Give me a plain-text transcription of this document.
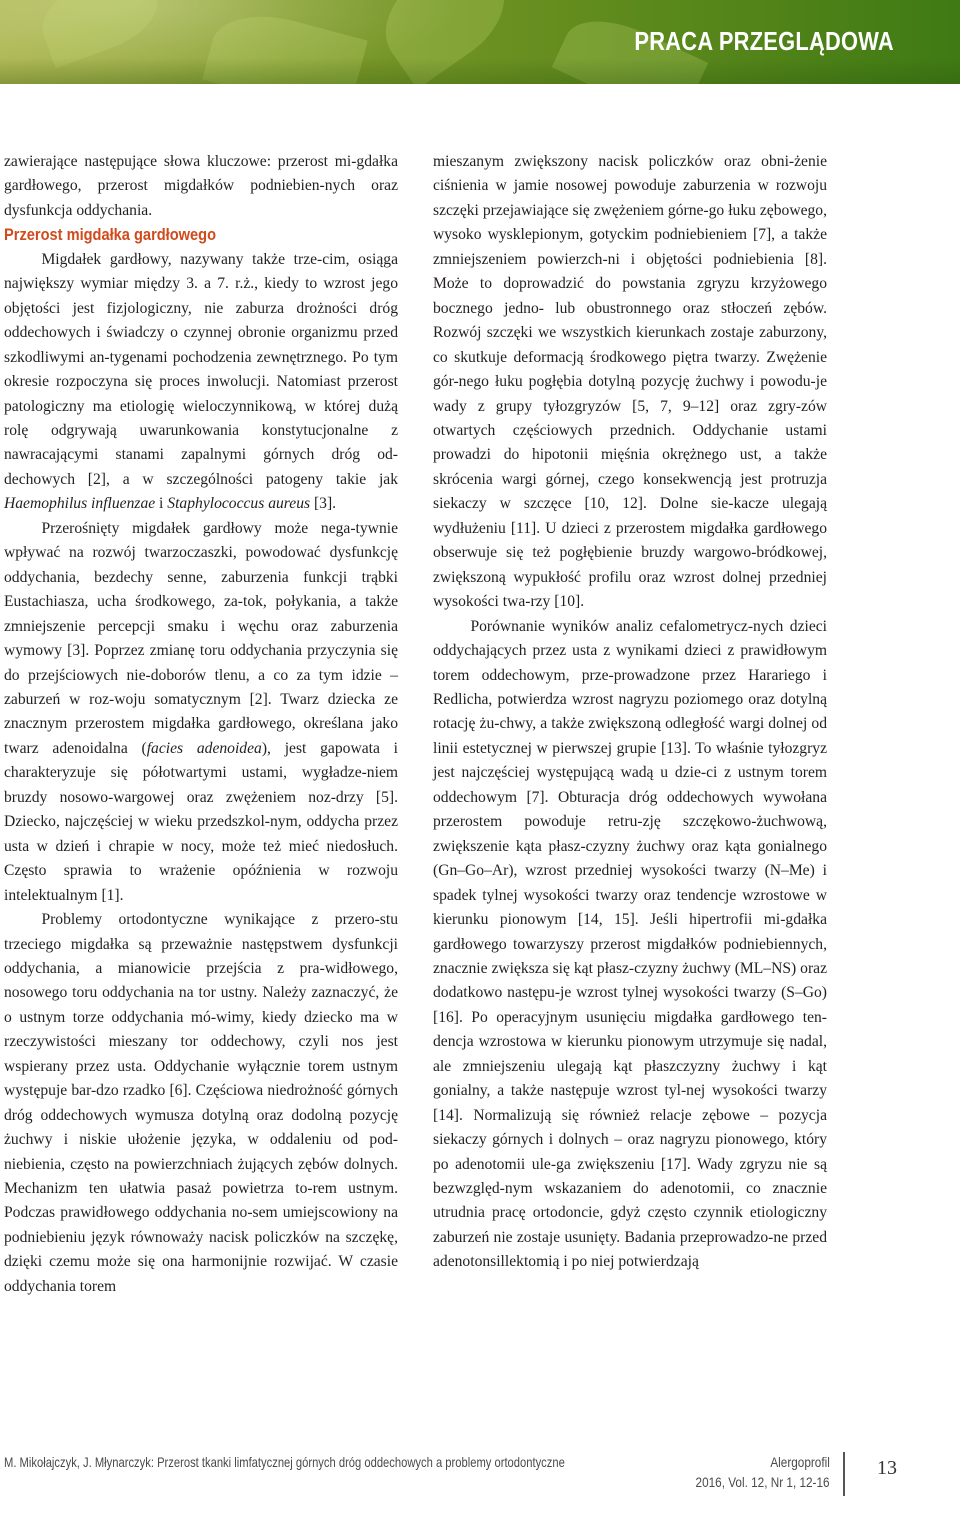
PRACA PRZEGLĄDOWA

zawierające następujące słowa kluczowe: przerost mi-gdałka gardłowego, przerost migdałków podniebien-nych oraz dysfunkcja oddychania.

Przerost migdałka gardłowego

Migdałek gardłowy, nazywany także trze-cim, osiąga największy wymiar między 3. a 7. r.ż., kiedy to wzrost jego objętości jest fizjologiczny, nie zaburza drożności dróg oddechowych i świadczy o czynnej obronie organizmu przed szkodliwymi an-tygenami pochodzenia zewnętrznego. Po tym okresie rozpoczyna się proces inwolucji. Natomiast przerost patologiczny ma etiologię wieloczynnikową, w której dużą rolę odgrywają uwarunkowania konstytucjonalne z nawracającymi stanami zapalnymi górnych dróg od-dechowych [2], a w szczególności patogeny takie jak Haemophilus influenzae i Staphylococcus aureus [3].

Przerośnięty migdałek gardłowy może nega-tywnie wpływać na rozwój twarzoczaszki, powodować dysfunkcję oddychania, bezdechy senne, zaburzenia funkcji trąbki Eustachiasza, ucha środkowego, za-tok, połykania, a także zmniejszenie percepcji smaku i węchu oraz zaburzenia wymowy [3]. Poprzez zmianę toru oddychania przyczynia się do przejściowych nie-doborów tlenu, a co za tym idzie – zaburzeń w roz-woju somatycznym [2]. Twarz dziecka ze znacznym przerostem migdałka gardłowego, określana jako twarz adenoidalna (facies adenoidea), jest gapowata i charakteryzuje się półotwartymi ustami, wygładze-niem bruzdy nosowo-wargowej oraz zwężeniem noz-drzy [5]. Dziecko, najczęściej w wieku przedszkol-nym, oddycha przez usta w dzień i chrapie w nocy, może też mieć niedosłuch. Często sprawia to wrażenie opóźnienia w rozwoju intelektualnym [1].

Problemy ortodontyczne wynikające z przero-stu trzeciego migdałka są przeważnie następstwem dysfunkcji oddychania, a mianowicie przejścia z pra-widłowego, nosowego toru oddychania na tor ustny. Należy zaznaczyć, że o ustnym torze oddychania mó-wimy, kiedy dziecko ma w rzeczywistości mieszany tor oddechowy, czyli nos jest wspierany przez usta. Oddychanie wyłącznie torem ustnym występuje bar-dzo rzadko [6]. Częściowa niedrożność górnych dróg oddechowych wymusza dotylną oraz dodolną pozycję żuchwy i niskie ułożenie języka, w oddaleniu od pod-niebienia, często na powierzchniach żujących zębów dolnych. Mechanizm ten ułatwia pasaż powietrza to-rem ustnym. Podczas prawidłowego oddychania no-sem umiejscowiony na podniebieniu język równoważy nacisk policzków na szczękę, dzięki czemu może się ona harmonijnie rozwijać. W czasie oddychania torem

mieszanym zwiększony nacisk policzków oraz obni-żenie ciśnienia w jamie nosowej powoduje zaburzenia w rozwoju szczęki przejawiające się zwężeniem górne-go łuku zębowego, wysoko wysklepionym, gotyckim podniebieniem [7], a także zmniejszeniem powierzch-ni i objętości podniebienia [8]. Może to doprowadzić do powstania zgryzu krzyżowego bocznego jedno- lub obustronnego oraz stłoczeń zębów. Rozwój szczęki we wszystkich kierunkach zostaje zaburzony, co skutkuje deformacją środkowego piętra twarzy. Zwężenie gór-nego łuku pogłębia dotylną pozycję żuchwy i powodu-je wady z grupy tyłozgryzów [5, 7, 9–12] oraz zgry-zów otwartych częściowych przednich. Oddychanie ustami prowadzi do hipotonii mięśnia okrężnego ust, a także skrócenia wargi górnej, czego konsekwencją jest protruzja siekaczy w szczęce [10, 12]. Dolne sie-kacze ulegają wydłużeniu [11]. U dzieci z przerostem migdałka gardłowego obserwuje się też pogłębienie bruzdy wargowo-bródkowej, zwiększoną wypukłość profilu oraz wzrost dolnej przedniej wysokości twa-rzy [10].

Porównanie wyników analiz cefalometrycz-nych dzieci oddychających przez usta z wynikami dzieci z prawidłowym torem oddechowym, prze-prowadzone przez Harariego i Redlicha, potwierdza wzrost nagryzu poziomego oraz dotylną rotację żu-chwy, a także zwiększoną odległość wargi dolnej od linii estetycznej w pierwszej grupie [13]. To właśnie tyłozgryz jest najczęściej występującą wadą u dzie-ci z ustnym torem oddechowym [7]. Obturacja dróg oddechowych wywołana przerostem powoduje retru-zję szczękowo-żuchwową, zwiększenie kąta płasz-czyzny żuchwy oraz kąta gonialnego (Gn–Go–Ar), wzrost przedniej wysokości twarzy (N–Me) i spadek tylnej wysokości twarzy oraz tendencje wzrostowe w kierunku pionowym [14, 15]. Jeśli hipertrofii mi-gdałka gardłowego towarzyszy przerost migdałków podniebiennych, znacznie zwiększa się kąt płasz-czyzny żuchwy (ML–NS) oraz dodatkowo następu-je wzrost tylnej wysokości twarzy (S–Go) [16]. Po operacyjnym usunięciu migdałka gardłowego ten-dencja wzrostowa w kierunku pionowym utrzymuje się nadal, ale zmniejszeniu ulegają kąt płaszczyzny żuchwy i kąt gonialny, a także następuje wzrost tyl-nej wysokości twarzy [14]. Normalizują się również relacje zębowe – pozycja siekaczy górnych i dolnych – oraz nagryzu pionowego, który po adenotomii ule-ga zwiększeniu [17]. Wady zgryzu nie są bezwzględ-nym wskazaniem do adenotomii, co znacznie utrudnia pracę ortodoncie, gdyż często czynnik etiologiczny zaburzeń nie zostaje usunięty. Badania przeprowadzo-ne przed adenotonsillektomią i po niej potwierdzają

M. Mikołajczyk, J. Młynarczyk: Przerost tkanki limfatycznej górnych dróg oddechowych a problemy ortodontyczne	Alergoprofil
2016, Vol. 12, Nr 1, 12-16
13
